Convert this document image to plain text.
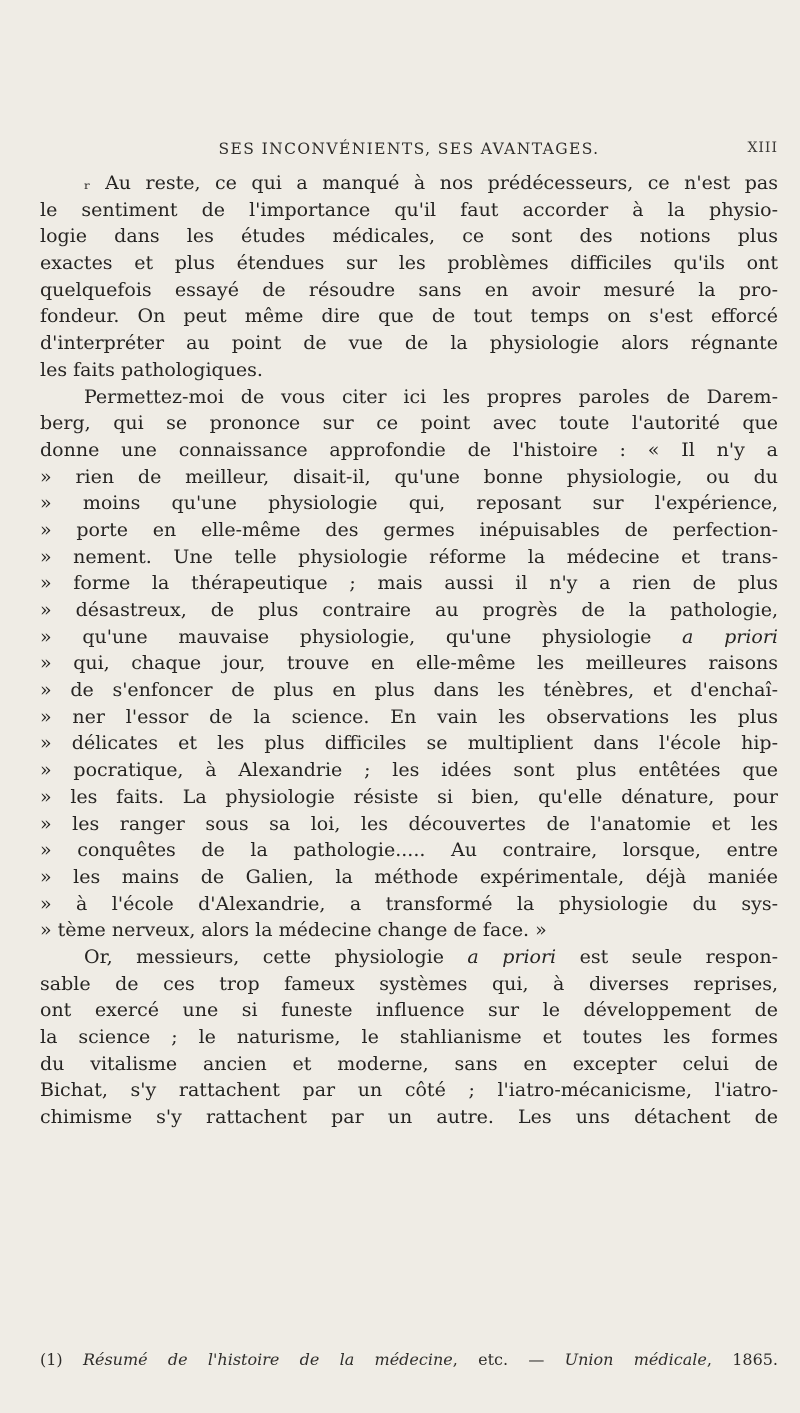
SES INCONVÉNIENTS, SES AVANTAGES.	XIII
ᵣ Au reste, ce qui a manqué à nos prédécesseurs, ce n'est pas
le sentiment de l'importance qu'il faut accorder à la physio-
logie dans les études médicales, ce sont des notions plus
exactes et plus étendues sur les problèmes difficiles qu'ils ont
quelquefois essayé de résoudre sans en avoir mesuré la pro-
fondeur. On peut même dire que de tout temps on s'est efforcé
d'interpréter au point de vue de la physiologie alors régnante
les faits pathologiques.
Permettez-moi de vous citer ici les propres paroles de Darem-
berg, qui se prononce sur ce point avec toute l'autorité que
donne une connaissance approfondie de l'histoire : « Il n'y a
» rien de meilleur, disait-il, qu'une bonne physiologie, ou du
» moins qu'une physiologie qui, reposant sur l'expérience,
» porte en elle-même des germes inépuisables de perfection-
» nement. Une telle physiologie réforme la médecine et trans-
» forme la thérapeutique ; mais aussi il n'y a rien de plus
» désastreux, de plus contraire au progrès de la pathologie,
» qu'une mauvaise physiologie, qu'une physiologie a priori
» qui, chaque jour, trouve en elle-même les meilleures raisons
» de s'enfoncer de plus en plus dans les ténèbres, et d'enchaî-
» ner l'essor de la science. En vain les observations les plus
» délicates et les plus difficiles se multiplient dans l'école hip-
» pocratique, à Alexandrie ; les idées sont plus entêtées que
» les faits. La physiologie résiste si bien, qu'elle dénature, pour
» les ranger sous sa loi, les découvertes de l'anatomie et les
» conquêtes de la pathologie..... Au contraire, lorsque, entre
» les mains de Galien, la méthode expérimentale, déjà maniée
» à l'école d'Alexandrie, a transformé la physiologie du sys-
» tème nerveux, alors la médecine change de face. »
Or, messieurs, cette physiologie a priori est seule respon-
sable de ces trop fameux systèmes qui, à diverses reprises,
ont exercé une si funeste influence sur le développement de
la science ; le naturisme, le stahlianisme et toutes les formes
du vitalisme ancien et moderne, sans en excepter celui de
Bichat, s'y rattachent par un côté ; l'iatro-mécanicisme, l'iatro-
chimisme s'y rattachent par un autre. Les uns détachent de
(1) Résumé de l'histoire de la médecine, etc. — Union médicale, 1865.
